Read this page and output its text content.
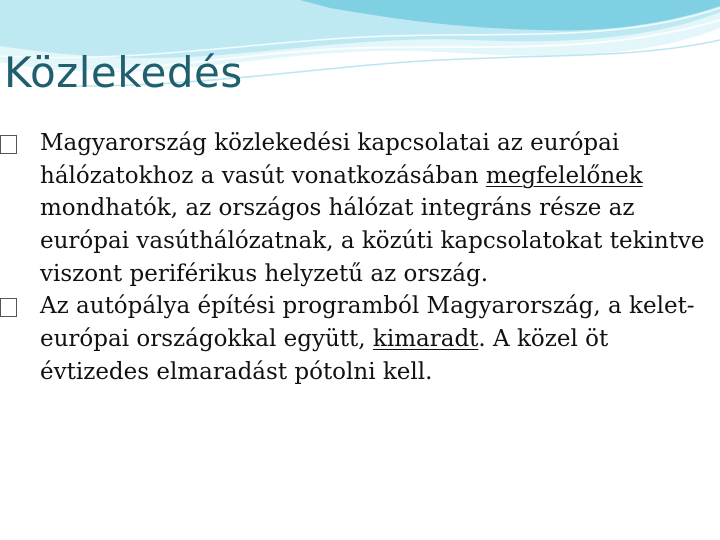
Közlekedés

Magyarország közlekedési kapcsolatai az európai hálózatokhoz a vasút vonatkozásában megfelelőnek mondhatók, az országos hálózat integráns része az európai vasúthálózatnak, a közúti kapcsolatokat tekintve viszont periférikus helyzetű az ország.

Az autópálya építési programból Magyarország, a kelet-európai országokkal együtt, kimaradt. A közel öt évtizedes elmaradást pótolni kell.
